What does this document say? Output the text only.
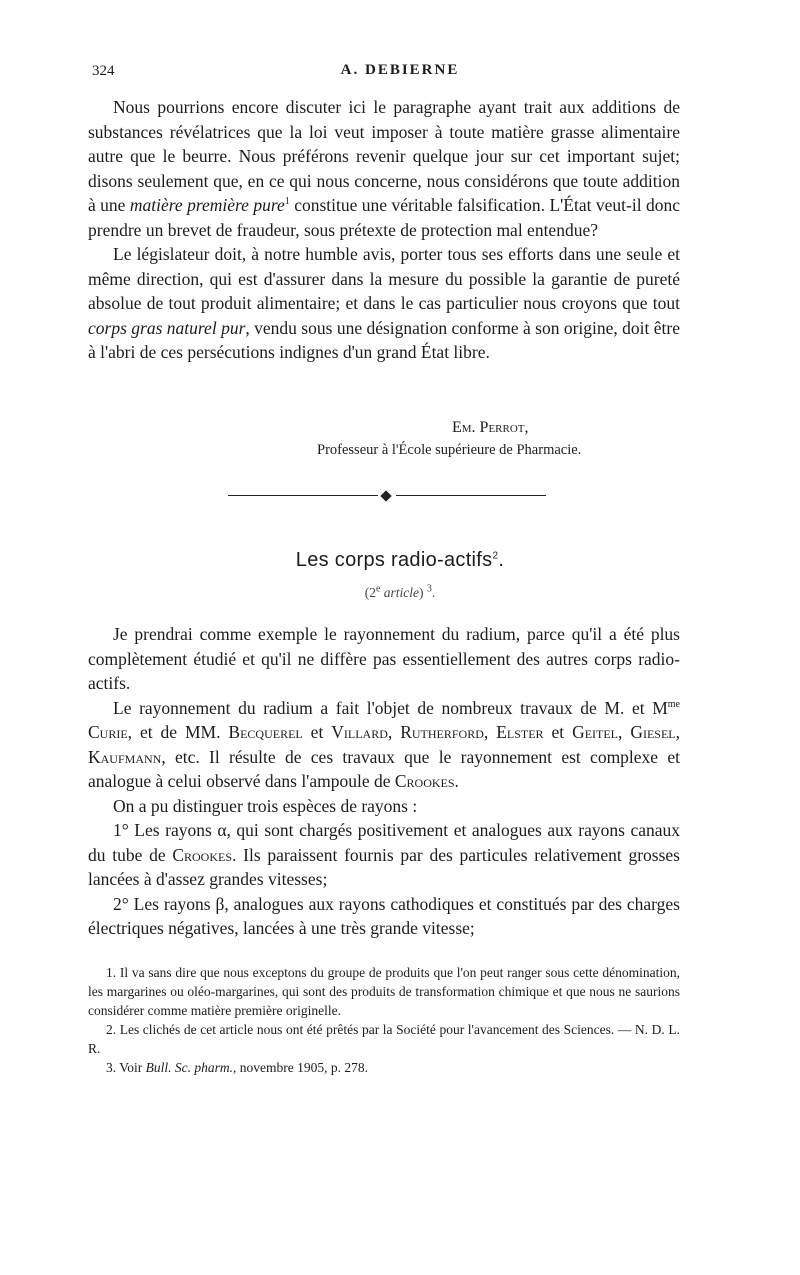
324	A. DEBIERNE

Nous pourrions encore discuter ici le paragraphe ayant trait aux additions de substances révélatrices que la loi veut imposer à toute matière grasse alimentaire autre que le beurre. Nous préférons revenir quelque jour sur cet important sujet; disons seulement que, en ce qui nous concerne, nous considérons que toute addition à une matière première pure$^1$ constitue une véritable falsification. L'État veut-il donc prendre un brevet de fraudeur, sous prétexte de protection mal entendue?

Le législateur doit, à notre humble avis, porter tous ses efforts dans une seule et même direction, qui est d'assurer dans la mesure du possible la garantie de pureté absolue de tout produit alimentaire; et dans le cas particulier nous croyons que tout corps gras naturel pur, vendu sous une désignation conforme à son origine, doit être à l'abri de ces persécutions indignes d'un grand État libre.

Em. Perrot,
Professeur à l'École supérieure de Pharmacie.
Les corps radio-actifs$^2$.
(2e article) $^3$.

Je prendrai comme exemple le rayonnement du radium, parce qu'il a été plus complètement étudié et qu'il ne diffère pas essentiellement des autres corps radio-actifs.

Le rayonnement du radium a fait l'objet de nombreux travaux de M. et $M^{me}$ Curie, et de MM. Becquerel et Villard, Rutherford, Elster et Geitel, Giesel, Kaufmann, etc. Il résulte de ces travaux que le rayonnement est complexe et analogue à celui observé dans l'ampoule de Crookes.

On a pu distinguer trois espèces de rayons :

1° Les rayons α, qui sont chargés positivement et analogues aux rayons canaux du tube de Crookes. Ils paraissent fournis par des particules relativement grosses lancées à d'assez grandes vitesses;

2° Les rayons β, analogues aux rayons cathodiques et constitués par des charges électriques négatives, lancées à une très grande vitesse;

1. Il va sans dire que nous exceptons du groupe de produits que l'on peut ranger sous cette dénomination, les margarines ou oléo-margarines, qui sont des produits de transformation chimique et que nous ne saurions considérer comme matière première originelle.

2. Les clichés de cet article nous ont été prêtés par la Société pour l'avancement des Sciences. — N. D. L. R.

3. Voir Bull. Sc. pharm., novembre 1905, p. 278.
